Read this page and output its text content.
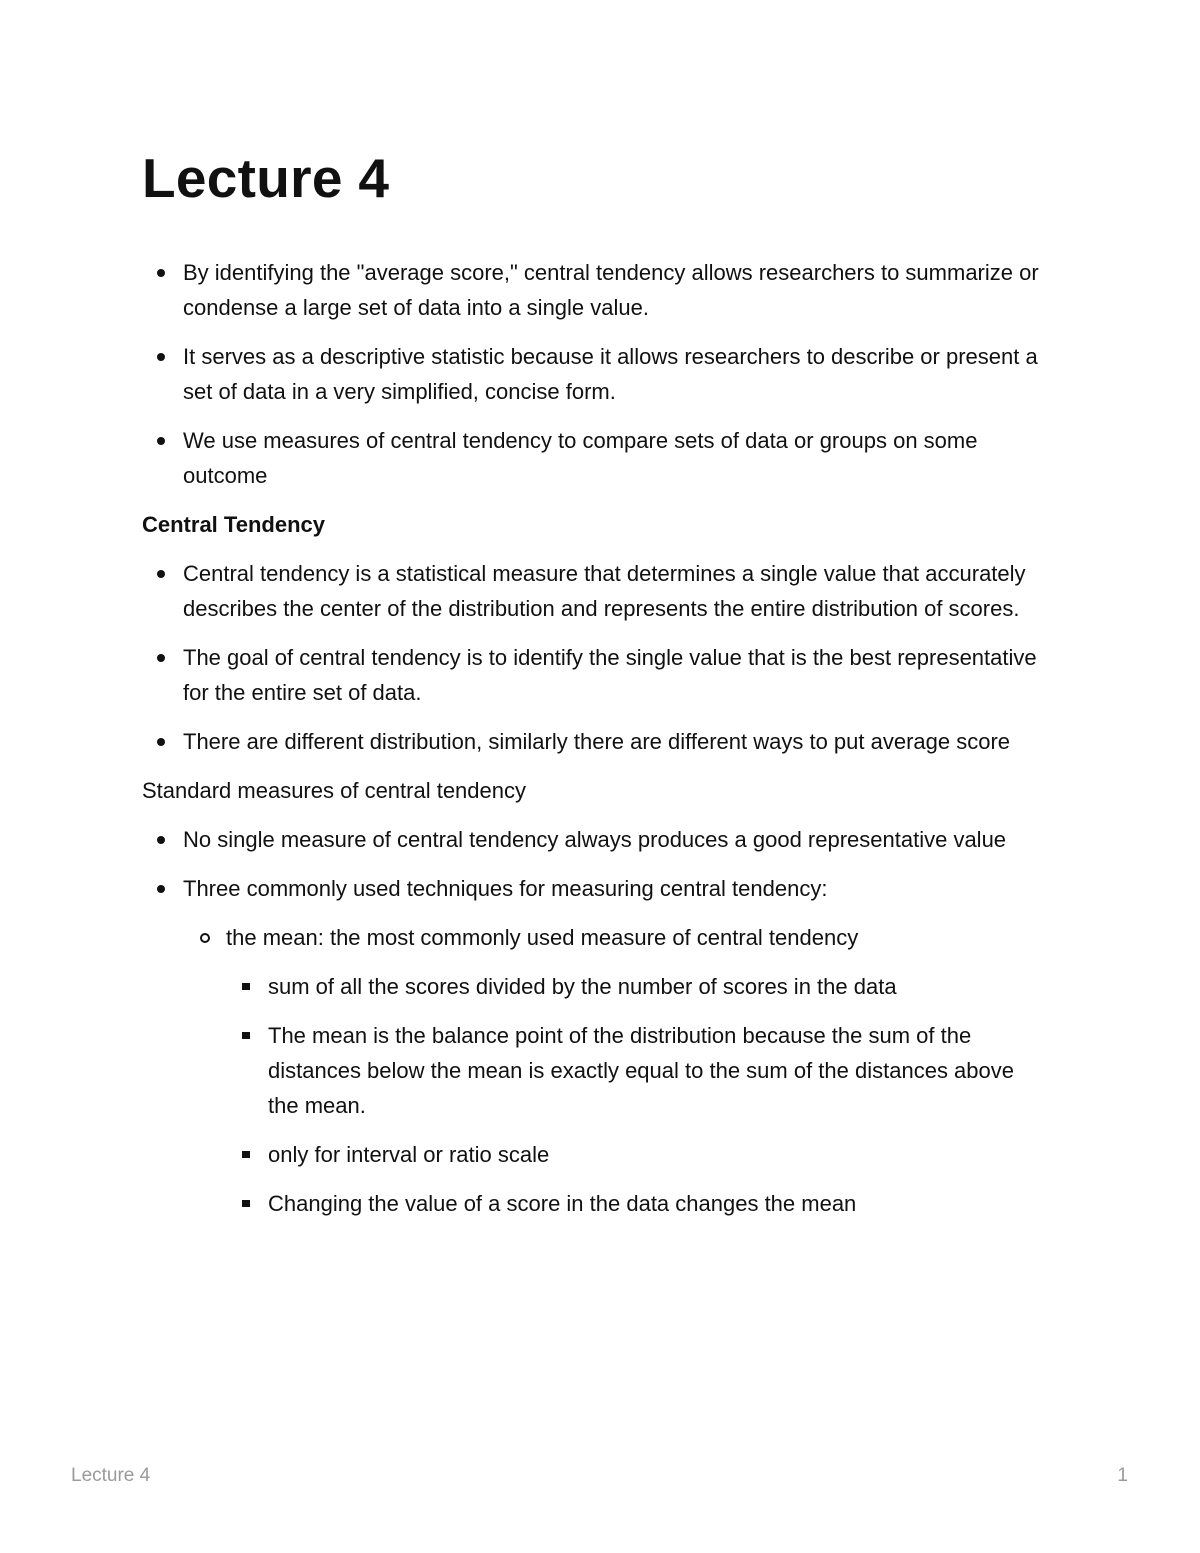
Lecture 4
By identifying the "average score," central tendency allows researchers to summarize or condense a large set of data into a single value.
It serves as a descriptive statistic because it allows researchers to describe or present a set of data in a very simplified, concise form.
We use measures of central tendency to compare sets of data or groups on some outcome
Central Tendency
Central tendency is a statistical measure that determines a single value that accurately describes the center of the distribution and represents the entire distribution of scores.
The goal of central tendency is to identify the single value that is the best representative for the entire set of data.
There are different distribution, similarly there are different ways to put average score

Standard measures of central tendency

No single measure of central tendency always produces a good representative value
Three commonly used techniques for measuring central tendency:
the mean: the most commonly used measure of central tendency
sum of all the scores divided by the number of scores in the data
The mean is the balance point of the distribution because the sum of the distances below the mean is exactly equal to the sum of the distances above the mean.
only for interval or ratio scale
Changing the value of a score in the data changes the mean
Lecture 4	1
